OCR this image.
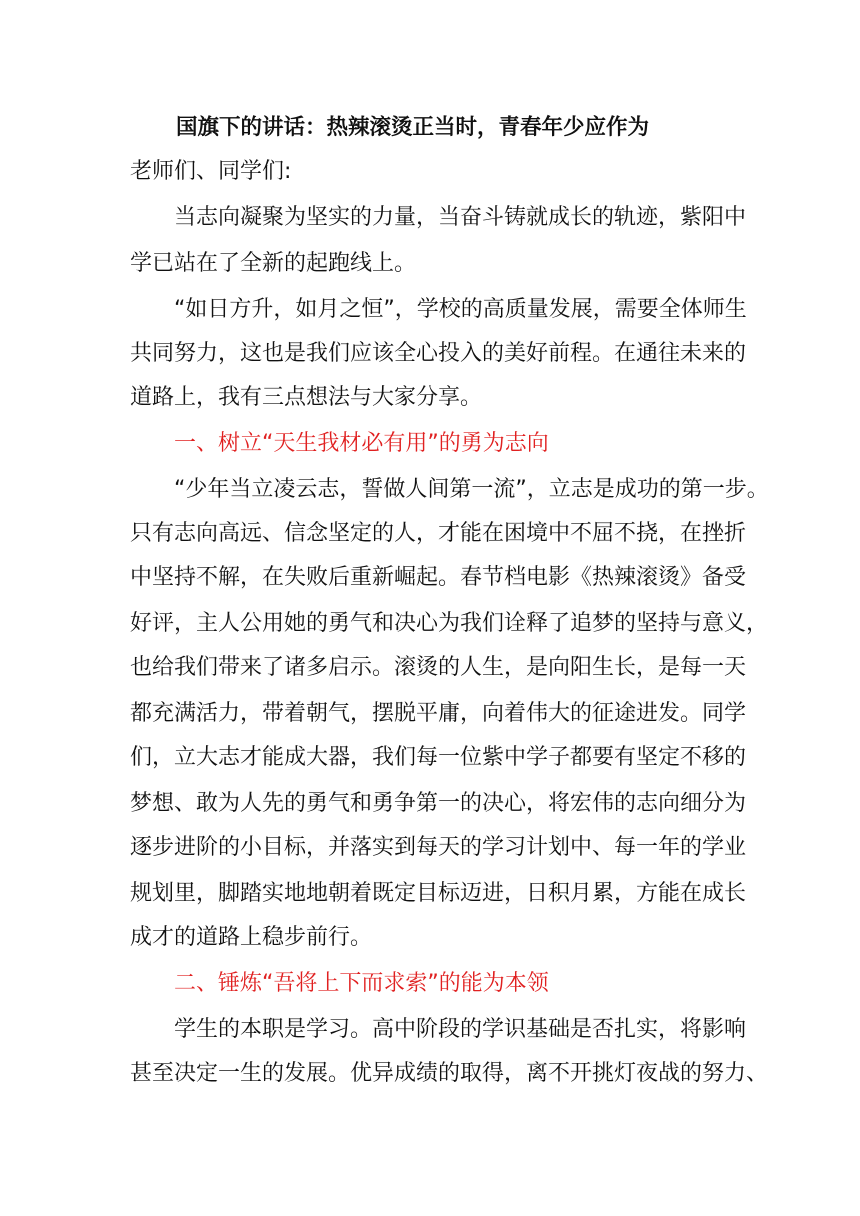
国旗下的讲话：热辣滚烫正当时，青春年少应作为
老师们、同学们:
当志向凝聚为坚实的力量，当奋斗铸就成长的轨迹，紫阳中
学已站在了全新的起跑线上。
“如日方升，如月之恒”，学校的高质量发展，需要全体师生
共同努力，这也是我们应该全心投入的美好前程。在通往未来的
道路上，我有三点想法与大家分享。
一、树立“天生我材必有用”的勇为志向
“少年当立凌云志，誓做人间第一流”，立志是成功的第一步。
只有志向高远、信念坚定的人，才能在困境中不屈不挠，在挫折
中坚持不解，在失败后重新崛起。春节档电影《热辣滚烫》备受
好评，主人公用她的勇气和决心为我们诠释了追梦的坚持与意义，
也给我们带来了诸多启示。滚烫的人生，是向阳生长，是每一天
都充满活力，带着朝气，摆脱平庸，向着伟大的征途进发。同学
们，立大志才能成大器，我们每一位紫中学子都要有坚定不移的
梦想、敢为人先的勇气和勇争第一的决心，将宏伟的志向细分为
逐步进阶的小目标，并落实到每天的学习计划中、每一年的学业
规划里，脚踏实地地朝着既定目标迈进，日积月累，方能在成长
成才的道路上稳步前行。
二、锤炼“吾将上下而求索”的能为本领
学生的本职是学习。高中阶段的学识基础是否扎实，将影响
甚至决定一生的发展。优异成绩的取得，离不开挑灯夜战的努力、
